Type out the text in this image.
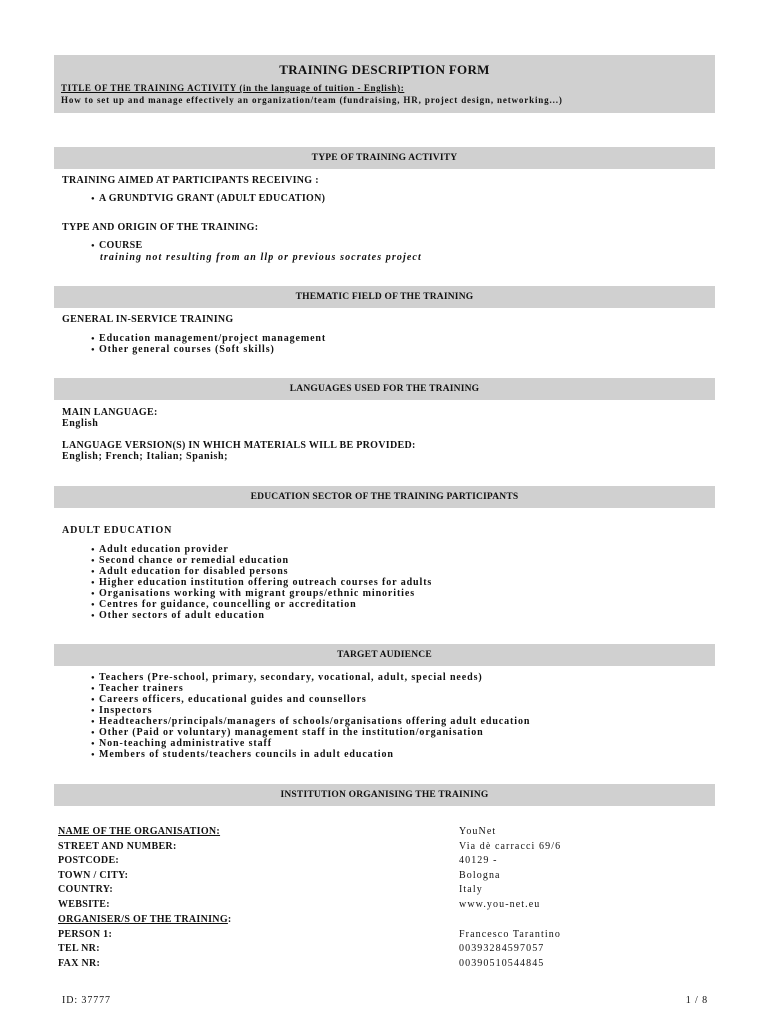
TRAINING DESCRIPTION FORM
TITLE OF THE TRAINING ACTIVITY (in the language of tuition - English):
How to set up and manage effectively an organization/team (fundraising, HR, project design, networking...)
TYPE OF TRAINING ACTIVITY
TRAINING AIMED AT PARTICIPANTS RECEIVING :
● A GRUNDTVIG GRANT (ADULT EDUCATION)
TYPE AND ORIGIN OF THE TRAINING:
● COURSE
training not resulting from an llp or previous socrates project
THEMATIC FIELD OF THE TRAINING
GENERAL IN-SERVICE TRAINING
● Education management/project management
● Other general courses (Soft skills)
LANGUAGES USED FOR THE TRAINING
MAIN LANGUAGE:
English
LANGUAGE VERSION(S) IN WHICH MATERIALS WILL BE PROVIDED:
English; French; Italian; Spanish;
EDUCATION SECTOR OF THE TRAINING PARTICIPANTS
ADULT EDUCATION
● Adult education provider
● Second chance or remedial education
● Adult education for disabled persons
● Higher education institution offering outreach courses for adults
● Organisations working with migrant groups/ethnic minorities
● Centres for guidance, councelling or accreditation
● Other sectors of adult education
TARGET AUDIENCE
● Teachers (Pre-school, primary, secondary, vocational, adult, special needs)
● Teacher trainers
● Careers officers, educational guides and counsellors
● Inspectors
● Headteachers/principals/managers of schools/organisations offering adult education
● Other (Paid or voluntary) management staff in the institution/organisation
● Non-teaching administrative staff
● Members of students/teachers councils in adult education
INSTITUTION ORGANISING THE TRAINING
NAME OF THE ORGANISATION:	YouNet
STREET AND NUMBER:	Via dè carracci 69/6
POSTCODE:	40129 -
TOWN / CITY:	Bologna
COUNTRY:	Italy
WEBSITE:	www.you-net.eu
ORGANISER/S OF THE TRAINING:
PERSON 1:	Francesco Tarantino
TEL NR:	00393284597057
FAX NR:	00390510544845
ID: 37777	1 / 8
